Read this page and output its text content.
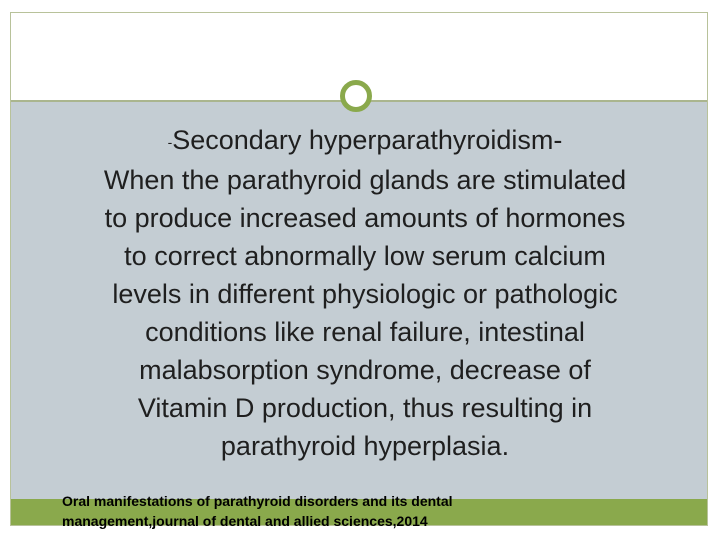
-Secondary hyperparathyroidism-
When the parathyroid glands are stimulated
to produce increased amounts of hormones
to correct abnormally low serum calcium
levels in different physiologic or pathologic
conditions like renal failure, intestinal
malabsorption syndrome, decrease of
Vitamin D production, thus resulting in
parathyroid hyperplasia.
Oral manifestations of parathyroid disorders and its dental
management,journal of dental and allied sciences,2014
